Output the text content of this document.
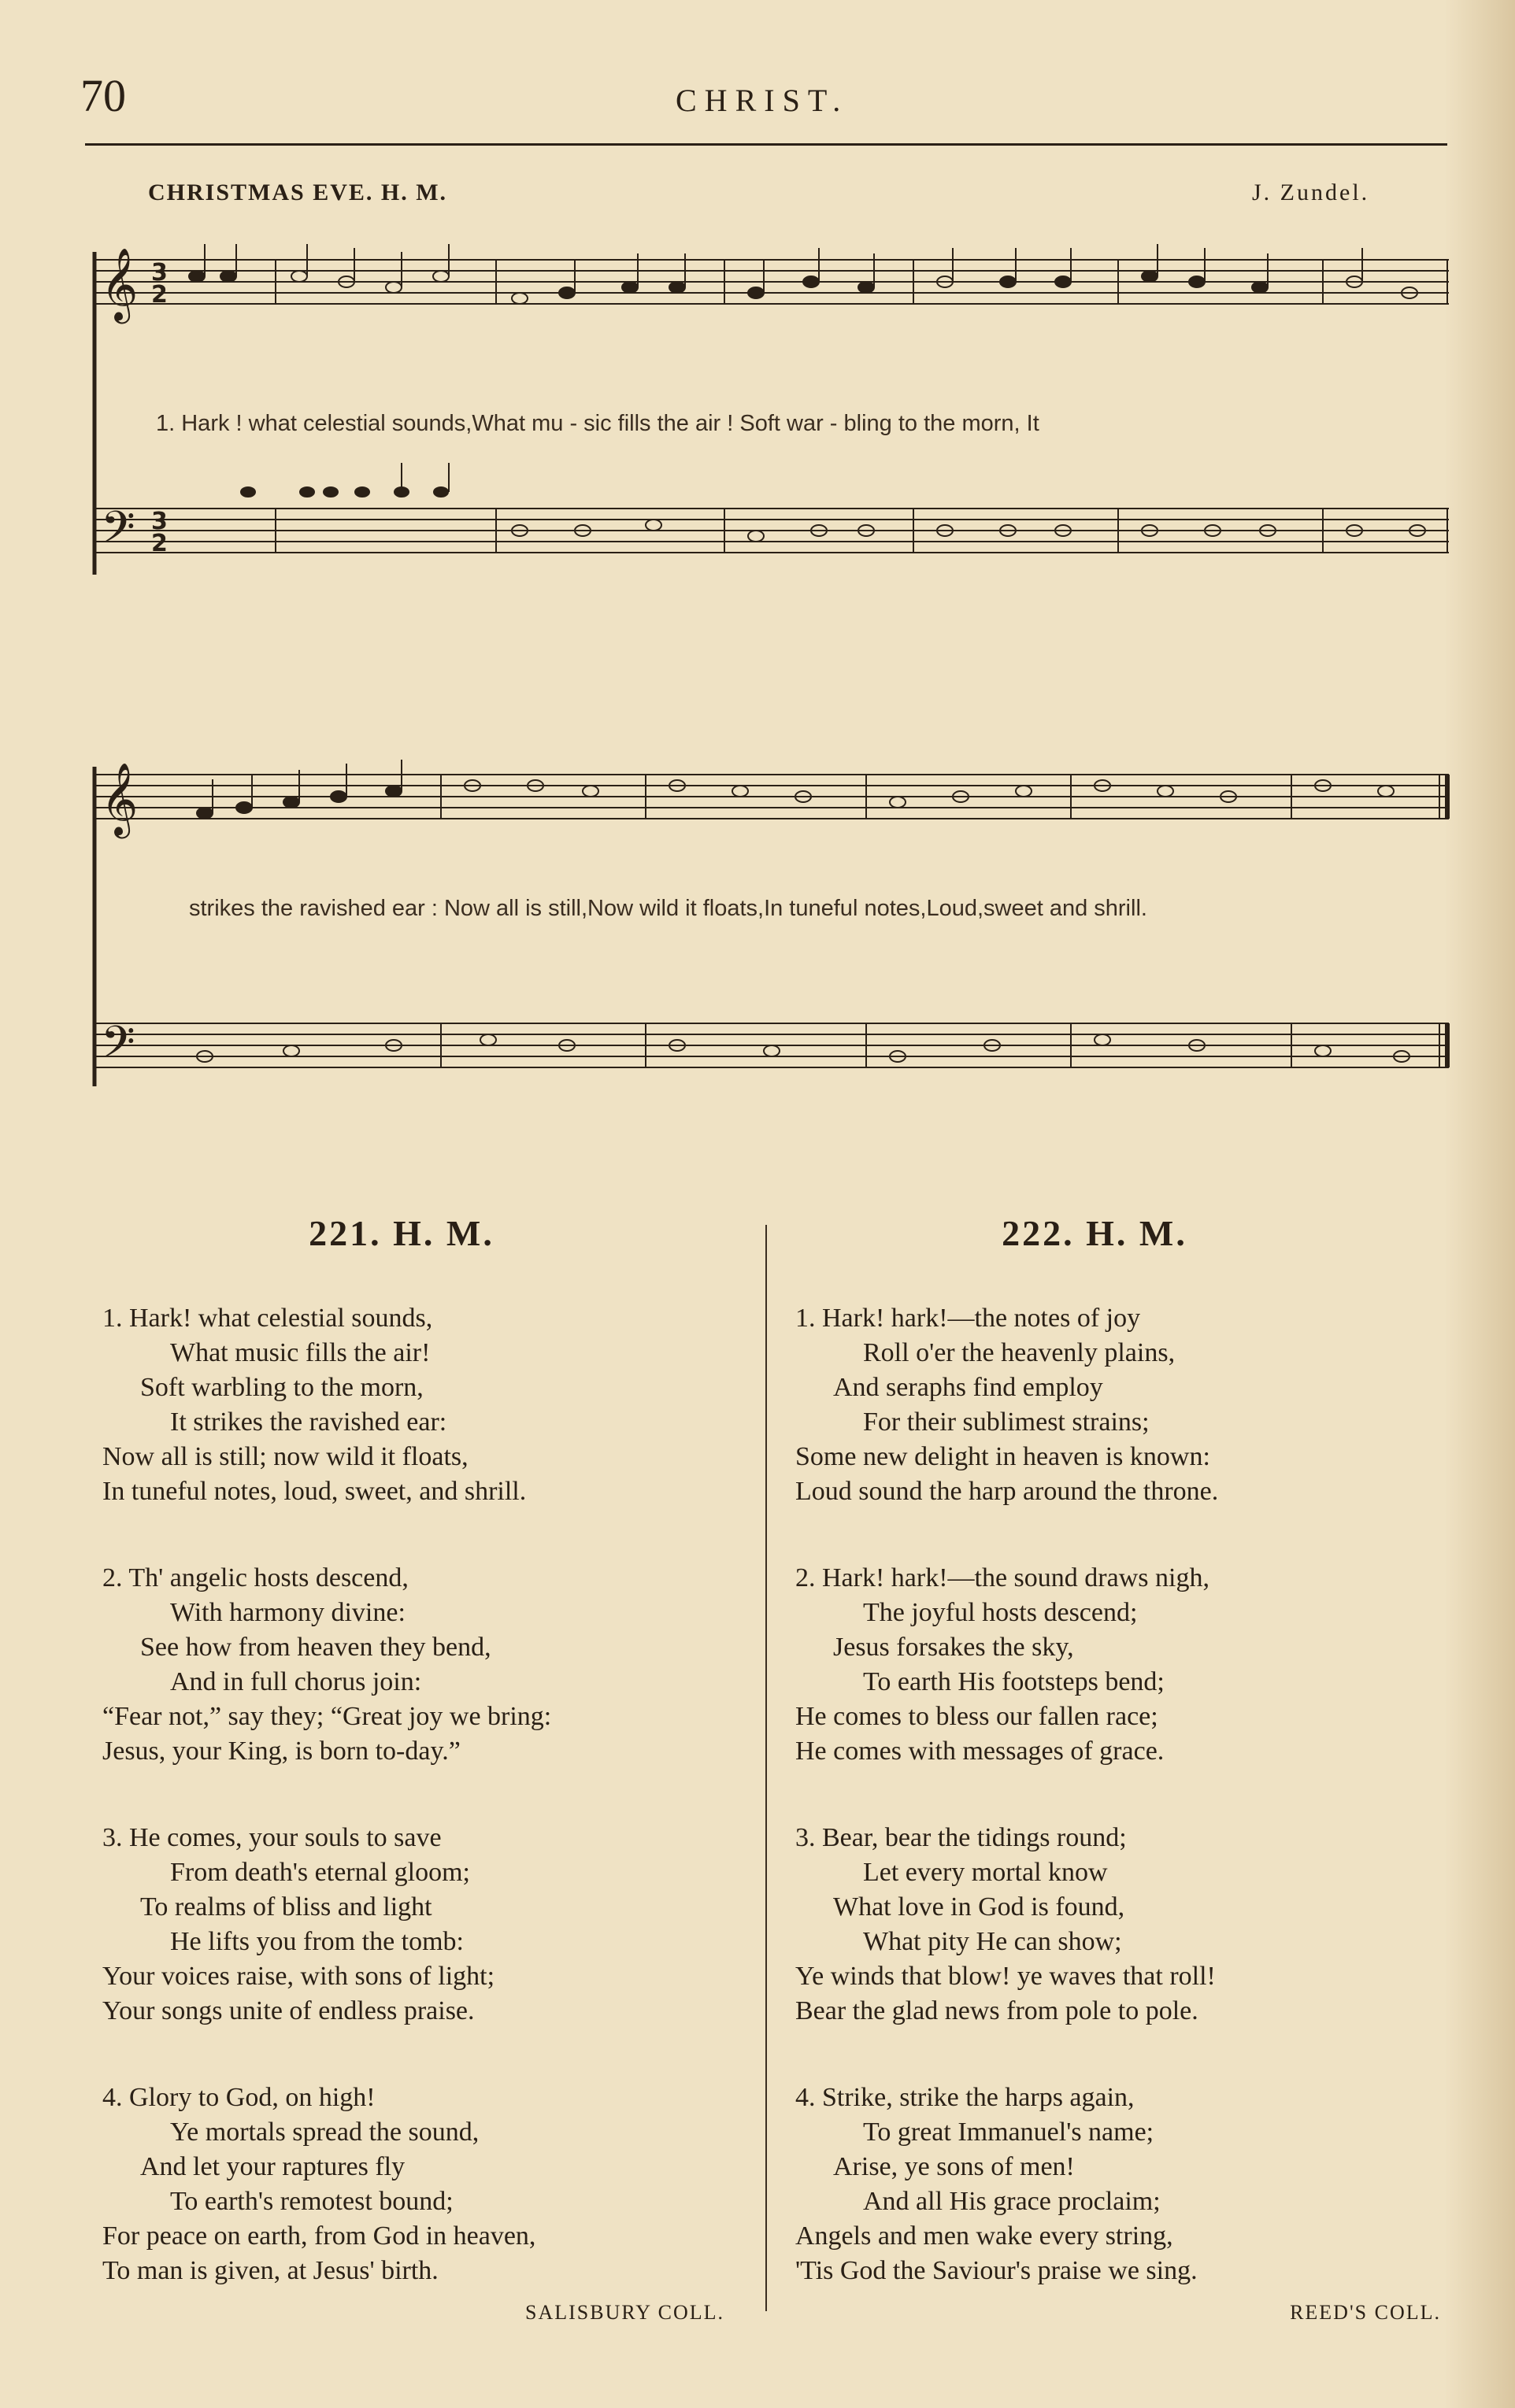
70	CHRIST.
CHRISTMAS EVE. H. M.	J. Zundel.
𝄞
𝄢
3
2
3
2
1. Hark ! what celestial sounds,What mu - sic fills the air ! Soft war - bling to the morn, It
𝄞
𝄢
strikes the ravished ear : Now all is still,Now wild it floats,In tuneful notes,Loud,sweet and shrill.
221. H. M.
1. Hark! what celestial sounds,
What music fills the air!
Soft warbling to the morn,
It strikes the ravished ear:
Now all is still; now wild it floats,
In tuneful notes, loud, sweet, and shrill.
2. Th' angelic hosts descend,
With harmony divine:
See how from heaven they bend,
And in full chorus join:
“Fear not,” say they; “Great joy we bring:
Jesus, your King, is born to-day.”
3. He comes, your souls to save
From death's eternal gloom;
To realms of bliss and light
He lifts you from the tomb:
Your voices raise, with sons of light;
Your songs unite of endless praise.
4. Glory to God, on high!
Ye mortals spread the sound,
And let your raptures fly
To earth's remotest bound;
For peace on earth, from God in heaven,
To man is given, at Jesus' birth.
SALISBURY COLL.
222. H. M.
1. Hark! hark!—the notes of joy
Roll o'er the heavenly plains,
And seraphs find employ
For their sublimest strains;
Some new delight in heaven is known:
Loud sound the harp around the throne.
2. Hark! hark!—the sound draws nigh,
The joyful hosts descend;
Jesus forsakes the sky,
To earth His footsteps bend;
He comes to bless our fallen race;
He comes with messages of grace.
3. Bear, bear the tidings round;
Let every mortal know
What love in God is found,
What pity He can show;
Ye winds that blow! ye waves that roll!
Bear the glad news from pole to pole.
4. Strike, strike the harps again,
To great Immanuel's name;
Arise, ye sons of men!
And all His grace proclaim;
Angels and men wake every string,
'Tis God the Saviour's praise we sing.
REED'S COLL.
